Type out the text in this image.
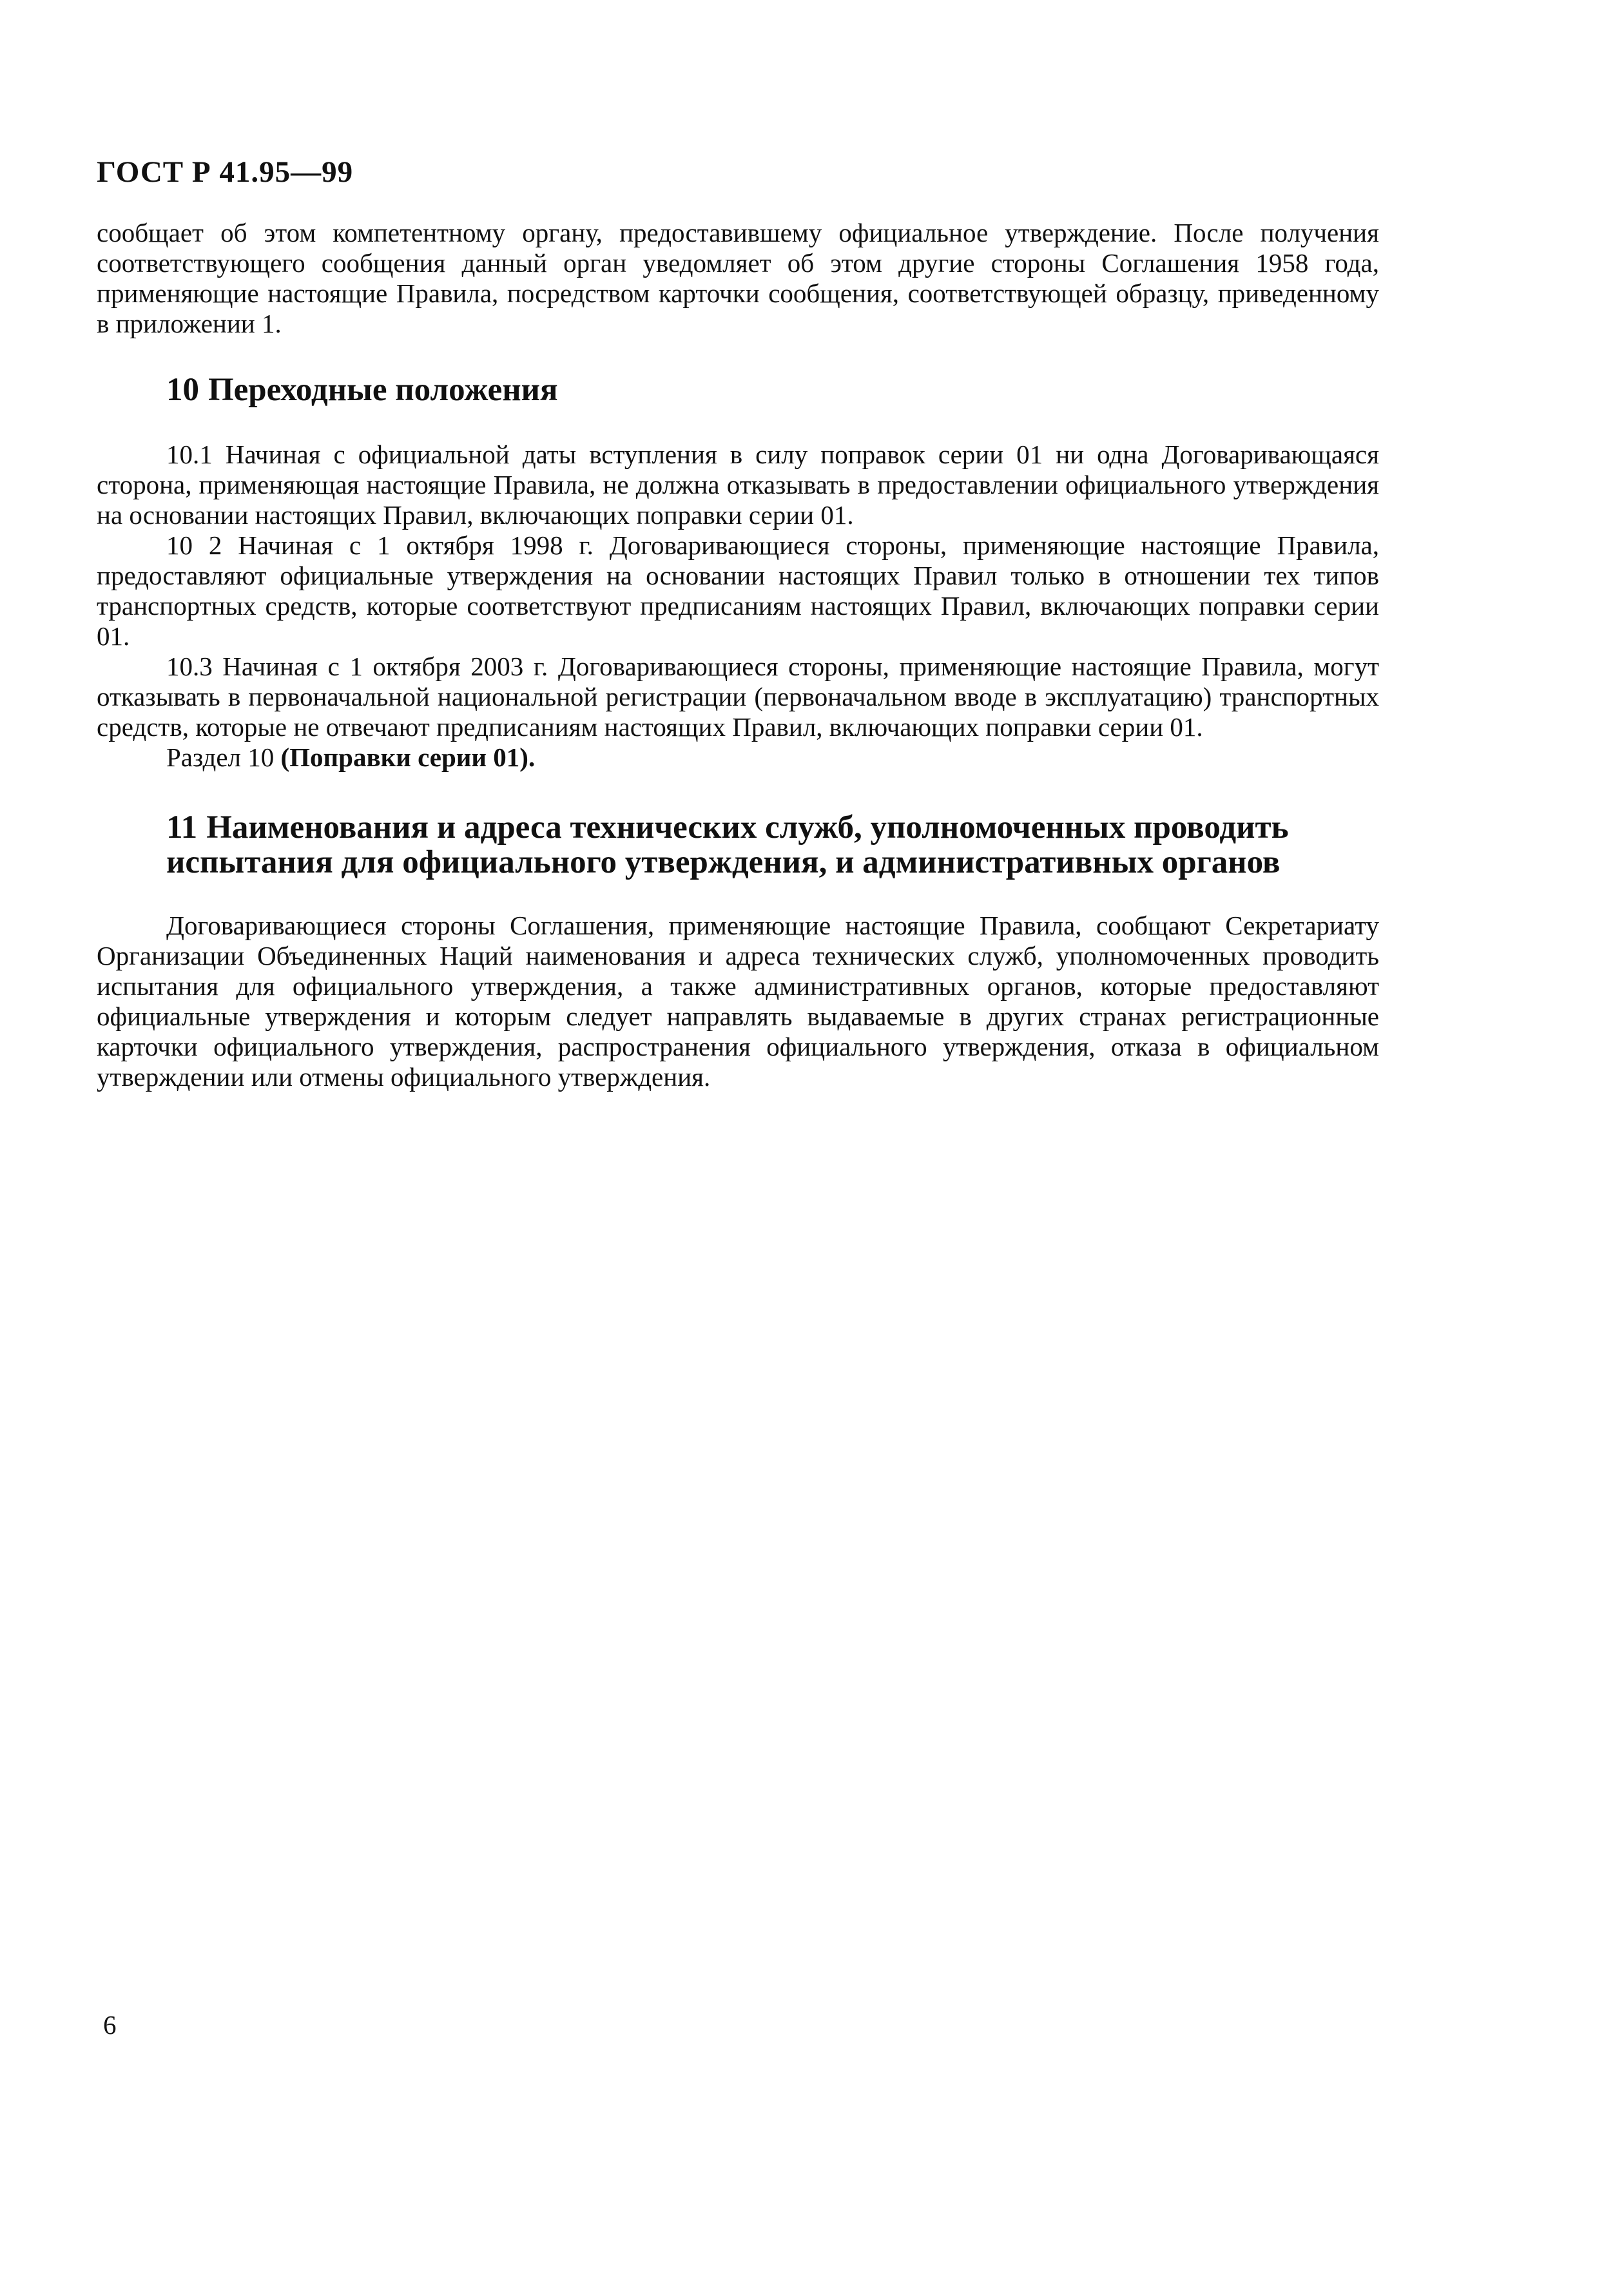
ГОСТ Р 41.95—99

сообщает об этом компетентному органу, предоставившему официальное утверждение. После получения соответствующего сообщения данный орган уведомляет об этом другие стороны Соглашения 1958 года, применяющие настоящие Правила, посредством карточки сообщения, соответствующей образцу, приведенному в приложении 1.

10 Переходные положения

10.1 Начиная с официальной даты вступления в силу поправок серии 01 ни одна Договаривающаяся сторона, применяющая настоящие Правила, не должна отказывать в предоставлении официального утверждения на основании настоящих Правил, включающих поправки серии 01.

10 2 Начиная с 1 октября 1998 г. Договаривающиеся стороны, применяющие настоящие Правила, предоставляют официальные утверждения на основании настоящих Правил только в отношении тех типов транспортных средств, которые соответствуют предписаниям настоящих Правил, включающих поправки серии 01.

10.3 Начиная с 1 октября 2003 г. Договаривающиеся стороны, применяющие настоящие Правила, могут отказывать в первоначальной национальной регистрации (первоначальном вводе в эксплуатацию) транспортных средств, которые не отвечают предписаниям настоящих Правил, включающих поправки серии 01.

Раздел 10 (Поправки серии 01).

11 Наименования и адреса технических служб, уполномоченных проводить испытания для официального утверждения, и административных органов

Договаривающиеся стороны Соглашения, применяющие настоящие Правила, сообщают Секретариату Организации Объединенных Наций наименования и адреса технических служб, уполномоченных проводить испытания для официального утверждения, а также административных органов, которые предоставляют официальные утверждения и которым следует направлять выдаваемые в других странах регистрационные карточки официального утверждения, распространения официального утверждения, отказа в официальном утверждении или отмены официального утверждения.

6
